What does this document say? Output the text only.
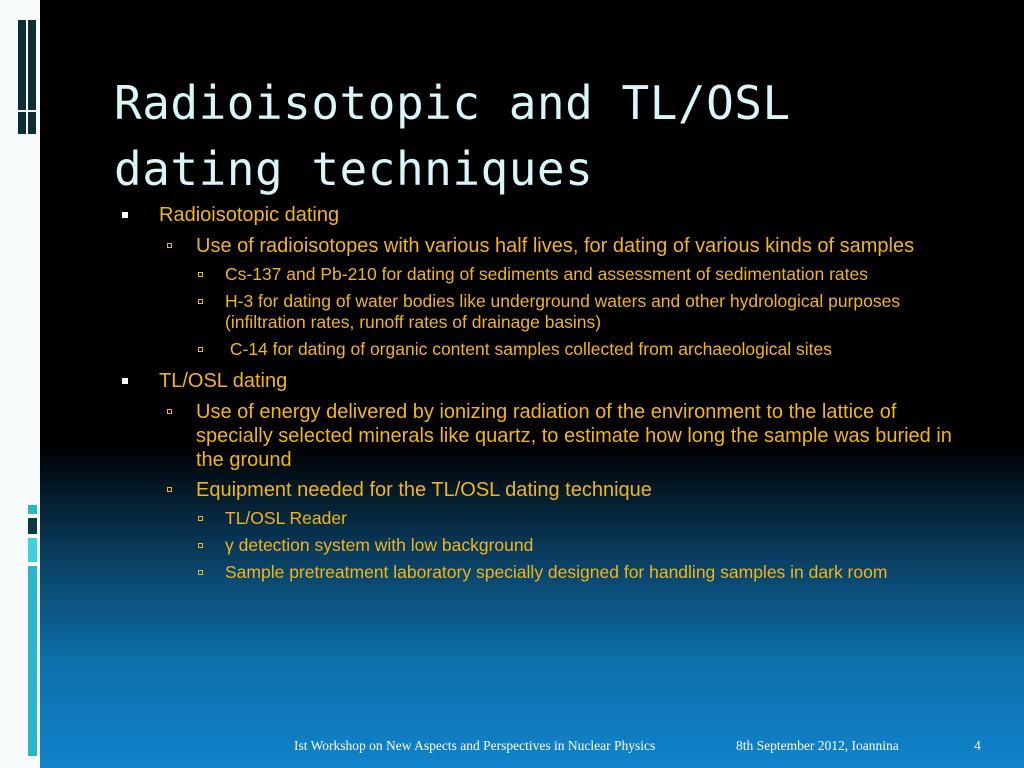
Radioisotopic and TL/OSL dating techniques
Radioisotopic dating
Use of radioisotopes with various half lives, for dating of various kinds of samples
Cs-137 and Pb-210 for dating of sediments and assessment of sedimentation rates
H-3 for dating of water bodies like underground waters and other hydrological purposes (infiltration rates, runoff rates of drainage basins)
C-14 for dating of organic content samples collected from archaeological sites
TL/OSL dating
Use of energy delivered by ionizing radiation of the environment to the lattice of specially selected minerals like quartz, to estimate how long the sample was buried in the ground
Equipment needed for the TL/OSL dating technique
TL/OSL Reader
γ detection system with low background
Sample pretreatment laboratory specially designed for handling samples in dark room
Ist Workshop on New Aspects and Perspectives in Nuclear Physics	8th September 2012, Ioannina	4
